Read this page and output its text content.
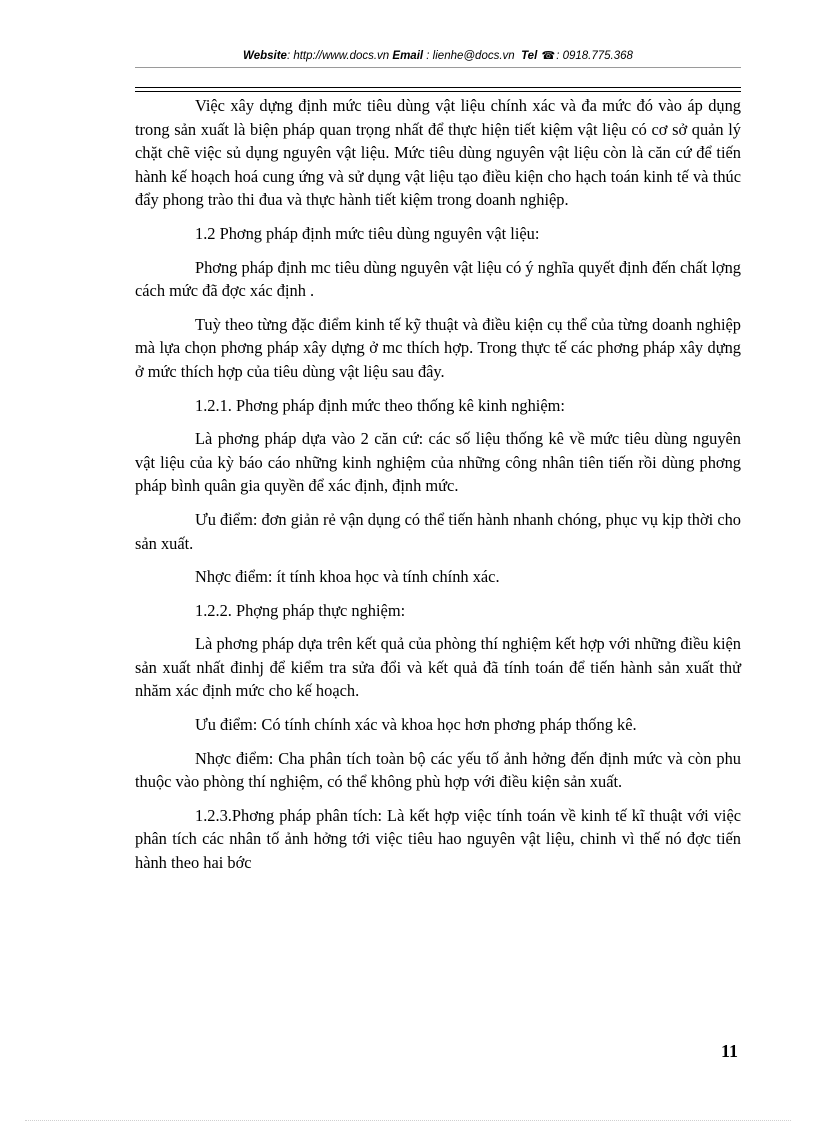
Website: http://www.docs.vn Email : lienhe@docs.vn Tel ☎: 0918.775.368

Việc xây dựng định mức tiêu dùng vật liệu chính xác và đa mức đó vào áp dụng trong sản xuất là biện pháp quan trọng nhất để thực hiện tiết kiệm vật liệu có cơ sở quản lý chặt chẽ việc sủ dụng nguyên vật liệu. Mức tiêu dùng nguyên vật liệu còn là căn cứ để tiến hành kế hoạch hoá cung ứng và sử dụng vật liệu tạo điều kiện cho hạch toán kinh tế và thúc đẩy phong trào thi đua và thực hành tiết kiệm trong doanh nghiệp.

1.2 Phơng pháp định mức tiêu dùng nguyên vật liệu:

Phơng pháp định mc tiêu dùng nguyên vật liệu có ý nghĩa quyết định đến chất lợng cách mức đã đợc xác định .

Tuỳ theo từng đặc điểm kinh tế kỹ thuật và điều kiện cụ thể của từng doanh nghiệp mà lựa chọn phơng pháp xây dựng ở mc thích hợp. Trong thực tế các phơng pháp xây dựng ở mức thích hợp của tiêu dùng vật liệu sau đây.

1.2.1. Phơng pháp định mức theo thống kê kinh nghiệm:

Là phơng pháp dựa vào 2 căn cứ: các số liệu thống kê về mức tiêu dùng nguyên vật liệu của kỳ báo cáo những kinh nghiệm của những công nhân tiên tiến rồi dùng phơng pháp bình quân gia quyền để xác định, định mức.

Ưu điểm: đơn giản rẻ vận dụng có thể tiến hành nhanh chóng, phục vụ kịp thời cho sản xuất.

Nhợc điểm: ít tính khoa học và tính chính xác.

1.2.2. Phợng pháp thực nghiệm:

Là phơng pháp dựa trên kết quả của phòng thí nghiệm kết hợp với những điều kiện sản xuất nhất đinhj để kiểm tra sửa đổi và kết quả đã tính toán để tiến hành sản xuất thử nhăm xác định mức cho kế hoạch.

Ưu điểm: Có tính chính xác và khoa học hơn phơng pháp thống kê.

Nhợc điểm: Cha phân tích toàn bộ các yếu tố ảnh hởng đến định mức và còn phu thuộc vào phòng thí nghiệm, có thể không phù hợp với điều kiện sản xuất.

1.2.3.Phơng pháp phân tích: Là kết hợp việc tính toán về kinh tế kĩ thuật với việc phân tích các nhân tố ảnh hởng tới việc tiêu hao nguyên vật liệu, chinh vì thế nó đợc tiến hành theo hai bớc

11
